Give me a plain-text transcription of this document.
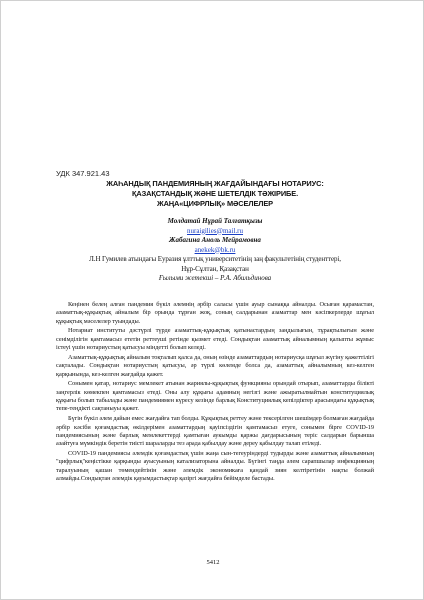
УДК 347.921.43
ЖАҺАНДЫҚ ПАНДЕМИЯНЫҢ ЖАҒДАЙЫНДАҒЫ НОТАРИУС:
ҚАЗАҚСТАНДЫҚ ЖӘНЕ ШЕТЕЛДІК ТӘЖІРИБЕ.
ЖАҢА«ЦИФРЛЫҚ» МӘСЕЛЕЛЕР
Молдатай Нұрай Талғатқызы
nuraigilies@mail.ru
Жабагина Аноль Мейрамовна
anekek@bk.ru
Л.Н Гумилев атындағы Еуразия ұлттық университетінің заң факультетінің студенттері,
Нұр-Сұлтан, Қазақстан
Ғылыми жетекші – Р.А. Абильдинова

Кеңінен белең алған пандемия бүкіл әлемнің әрбір саласы үшін ауыр сынаққа айналды. Осыған қарамастан, азаматтық-құқықтық айналым бір орында тұрған жоқ, соның салдарынан азаматтар мен кәсіпкерлерде шұғыл құқықтық мәселелер туындады.

Нотариат институты дәстүрлі түрде азаматтық-құқықтық қатынастардың заңдылығын, тұрақтылығын және сенімділігін қамтамасыз ететін реттеуші ретінде қызмет етеді. Сондықтан азаматтық айналымның қалыпты жұмыс істеуі үшін нотариустың қатысуы міндетті болып келеді.

Азаматтық-құқықтық айналым тоқталып қалса да, оның өзінде азаматтардың нотариусқа шұғыл жүгіну қажеттілігі сақталады. Сондықтан нотариустың қатысуы, әр түрлі көлемде болса да, азаматтық айналымның кез-келген қарқынында, кез-келген жағдайда қажет.

Сонымен қатар, нотариус мемлекет атынан жариялы-құқықтық функцияны орындай отырып, азаматтарды білікті заңгерлік көмекпен қамтамасыз етеді. Оны алу құқығы адамның негізгі және ажыратылмайтын конституциялық құқығы болып табылады және пандемиямен күресу кезінде барлық Конституциялық кепілдіктер арасындағы құқықтық тепе-теңдікті сақтаныуы қажет.

Бүгін бүкіл әлем дайын емес жағдайға тап болды. Құқықтық реттеу және тексерілген шешімдер болмаған жағдайда әрбір кәсіби қоғамдастық өкілдерімен азаматтардың қауіпсіздігін қамтамасыз етуге, сонымен бірге COVID-19 пандемиясының және барлық мемлекеттерді қамтыған аукымды қаржы дағдарысының теріс салдарын барынша азайтуға мүмкіндік беретін тиісті шараларды тез арада қабылдау және дереу қабылдау талап етіледі.

COVID-19 пандемиясы әлемдік қоғамдастық үшін жаңа сын-тегеуріндерді тудырды және азаматтық айналымның "цифрлық"кеңістікке қарқынды ауысуының катализаторына айналды. Бүгінгі таңда әлем сарапшылар инфекцияның таралуының қашан төмендейтінін және әлемдік экономикаға қандай зиян келтіретінін нақты болжай алмайды.Сондықтан әлемдік қауымдастықтар қазіргі жағдайға бейімделе бастады.

5412
